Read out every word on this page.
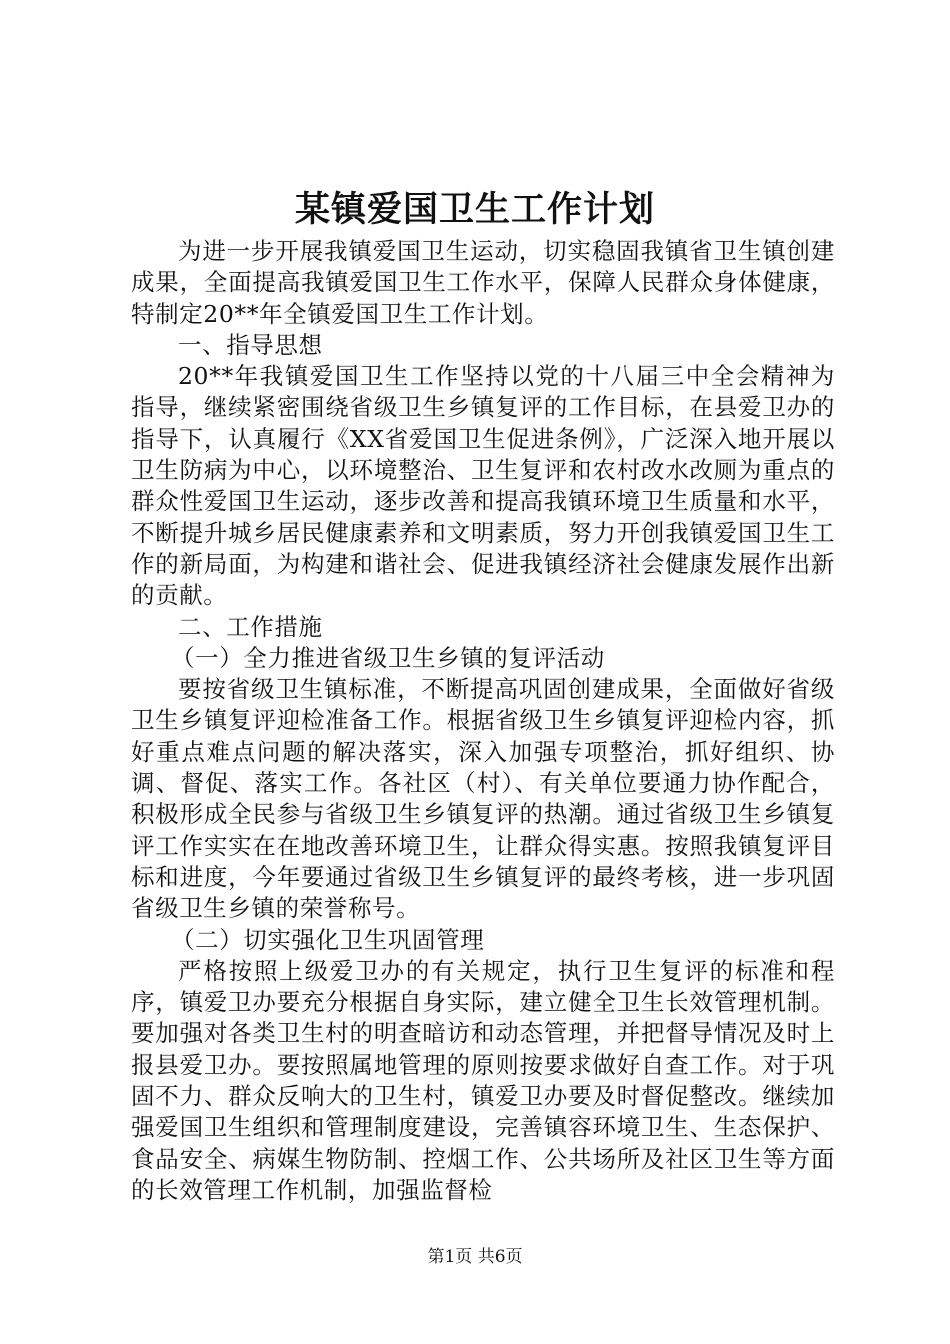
某镇爱国卫生工作计划

为进一步开展我镇爱国卫生运动，切实稳固我镇省卫生镇创建成果，全面提高我镇爱国卫生工作水平，保障人民群众身体健康，特制定20**年全镇爱国卫生工作计划。

一、指导思想

20**年我镇爱国卫生工作坚持以党的十八届三中全会精神为指导，继续紧密围绕省级卫生乡镇复评的工作目标，在县爱卫办的指导下，认真履行《XX省爱国卫生促进条例》，广泛深入地开展以卫生防病为中心，以环境整治、卫生复评和农村改水改厕为重点的群众性爱国卫生运动，逐步改善和提高我镇环境卫生质量和水平，不断提升城乡居民健康素养和文明素质，努力开创我镇爱国卫生工作的新局面，为构建和谐社会、促进我镇经济社会健康发展作出新的贡献。

二、工作措施

（一）全力推进省级卫生乡镇的复评活动

要按省级卫生镇标准，不断提高巩固创建成果，全面做好省级卫生乡镇复评迎检准备工作。根据省级卫生乡镇复评迎检内容，抓好重点难点问题的解决落实，深入加强专项整治，抓好组织、协调、督促、落实工作。各社区（村）、有关单位要通力协作配合，积极形成全民参与省级卫生乡镇复评的热潮。通过省级卫生乡镇复评工作实实在在地改善环境卫生，让群众得实惠。按照我镇复评目标和进度，今年要通过省级卫生乡镇复评的最终考核，进一步巩固省级卫生乡镇的荣誉称号。

（二）切实强化卫生巩固管理

严格按照上级爱卫办的有关规定，执行卫生复评的标准和程序，镇爱卫办要充分根据自身实际，建立健全卫生长效管理机制。要加强对各类卫生村的明查暗访和动态管理，并把督导情况及时上报县爱卫办。要按照属地管理的原则按要求做好自查工作。对于巩固不力、群众反响大的卫生村，镇爱卫办要及时督促整改。继续加强爱国卫生组织和管理制度建设，完善镇容环境卫生、生态保护、食品安全、病媒生物防制、控烟工作、公共场所及社区卫生等方面的长效管理工作机制，加强监督检

第1页 共6页
